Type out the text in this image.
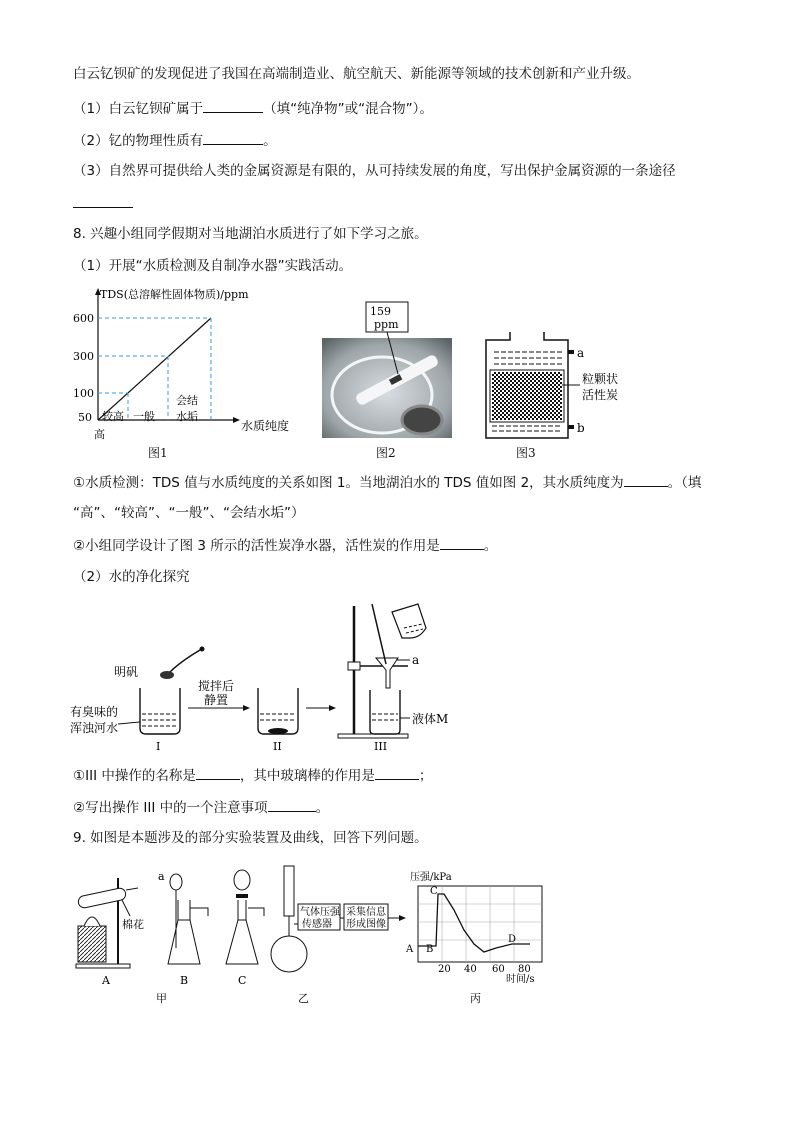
白云钇钡矿的发现促进了我国在高端制造业、航空航天、新能源等领域的技术创新和产业升级。
（1）白云钇钡矿属于	（填“纯净物”或“混合物”）。
（2）钇的物理性质有	。
（3）自然界可提供给人类的金属资源是有限的，从可持续发展的角度，写出保护金属资源的一条途径
8. 兴趣小组同学假期对当地湖泊水质进行了如下学习之旅。
（1）开展“水质检测及自制净水器”实践活动。
TDS(总溶解性固体物质)/ppm
水质纯度
600
300
100
50
高
较高 一般
会结
水垢
图1
159
ppm
图2
a
b
粒颗状
活性炭
图3
①水质检测：TDS 值与水质纯度的关系如图 1。当地湖泊水的 TDS 值如图 2，其水质纯度为	。（填
“高”、“较高”、“一般”、“会结水垢”）
②小组同学设计了图 3 所示的活性炭净水器，活性炭的作用是	。
（2）水的净化探究
明矾
有臭味的
浑浊河水
I
搅拌后
静置
II
a
液体M
III
①III 中操作的名称是	，其中玻璃棒的作用是	；
②写出操作 III 中的一个注意事项	。
9. 如图是本题涉及的部分实验装置及曲线，回答下列问题。
棉花
A
a
B	C
甲
气体压强
传感器
采集信息
形成图像
乙
压强/kPa
A B
C
D
20 40 60 80
时间/s
丙
